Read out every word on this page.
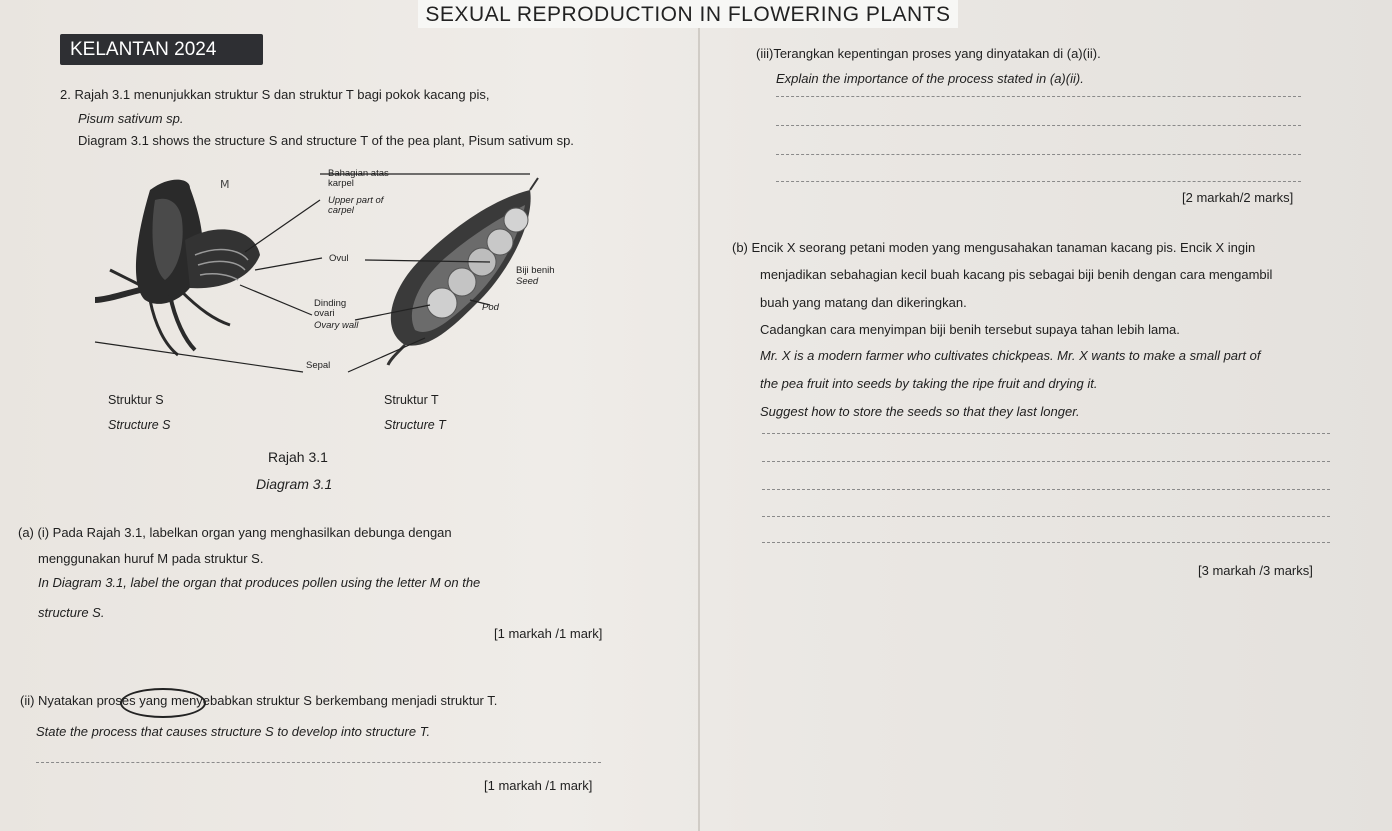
SEXUAL REPRODUCTION IN FLOWERING PLANTS
KELANTAN 2024
2. Rajah 3.1 menunjukkan struktur S dan struktur T bagi pokok kacang pis,
Pisum sativum sp.
Diagram 3.1 shows the structure S and structure T of the pea plant, Pisum sativum sp.
M
Bahagian atas
karpel
Upper part of
carpel
Ovul
Biji benih
Seed
Dinding
ovari
Ovary wall
Pod
Sepal
Struktur S
Structure S
Struktur T
Structure T
Rajah 3.1
Diagram 3.1
(a) (i) Pada Rajah 3.1, labelkan organ yang menghasilkan debunga dengan
menggunakan huruf M pada struktur S.
In Diagram 3.1, label the organ that produces pollen using the letter M on the
structure S.
[1 markah /1 mark]
(ii) Nyatakan proses yang menyebabkan struktur S berkembang menjadi struktur T.
State the process that causes structure S to develop into structure T.
[1 markah /1 mark]
(iii)Terangkan kepentingan proses yang dinyatakan di (a)(ii).
Explain the importance of the process stated in (a)(ii).
[2 markah/2 marks]
(b) Encik X seorang petani moden yang mengusahakan tanaman kacang pis. Encik X ingin
menjadikan sebahagian kecil buah kacang pis sebagai biji benih dengan cara mengambil
buah yang matang dan dikeringkan.
Cadangkan cara menyimpan biji benih tersebut supaya tahan lebih lama.
Mr. X is a modern farmer who cultivates chickpeas. Mr. X wants to make a small part of
the pea fruit into seeds by taking the ripe fruit and drying it.
Suggest how to store the seeds so that they last longer.
[3 markah /3 marks]
